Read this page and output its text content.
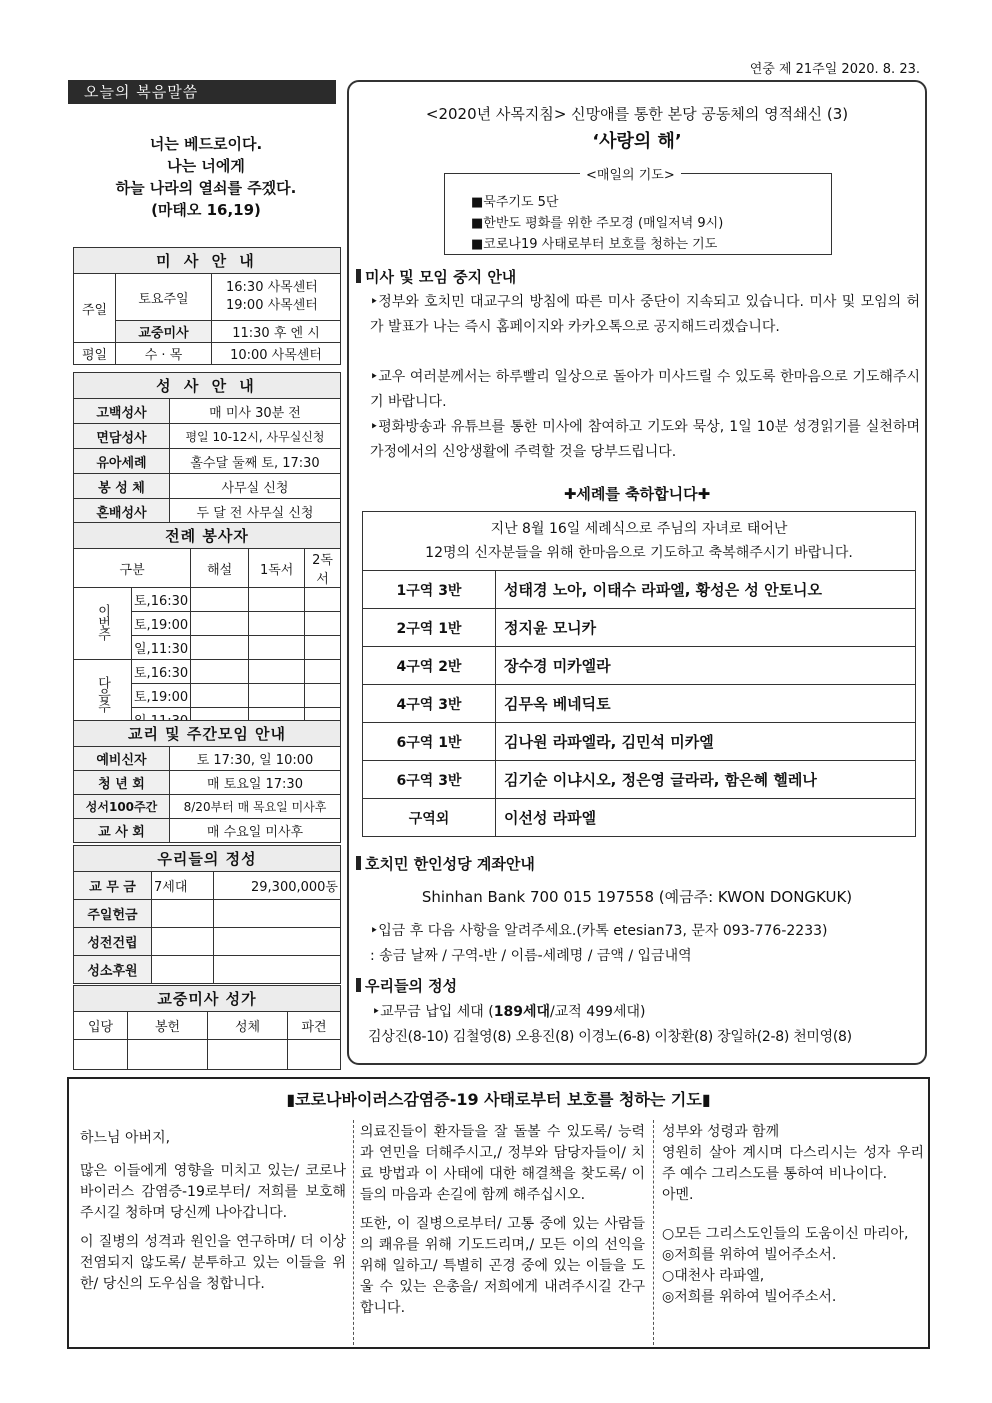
연중 제 21주일 2020. 8. 23.
오늘의 복음말씀
너는 베드로이다.
나는 너에게
하늘 나라의 열쇠를 주겠다.
(마태오 16,19)
미 사 안 내		
주일	토요주일	16:30 사목센터
19:00 사목센터

	교중미사	11:30 후 엔 시
평일	수 · 목	10:00 사목센터
성 사 안 내	
고백성사	매 미사 30분 전
면담성사	평일 10-12시, 사무실신청
유아세례	홀수달 둘째 토, 17:30
봉 성 체	사무실 신청
혼배성사	두 달 전 사무실 신청
전례 봉사자				
구분		해설	1독서	2독서
이번주	토,16:30			
	토,19:00			
	일,11:30			
다음주	토,16:30			
	토,19:00			

교리 및 주간모임 안내	
예비신자	토 17:30, 일 10:00
청 년 회	매 토요일 17:30
성서100주간	8/20부터 매 목요일 미사후
교 사 회	매 수요일 미사후
우리들의 정성		
교 무 금	7세대	29,300,000동
주일헌금		
성전건립		
성소후원		
교중미사 성가			
입당	봉헌	성체	파견

<2020년 사목지침> 신망애를 통한 본당 공동체의 영적쇄신 (3)
‘사랑의 해’
■묵주기도 5단
■한반도 평화를 위한 주모경 (매일저녁 9시)
■코로나19 사태로부터 보호를 청하는 기도
<매일의 기도>
미사 및 모임 중지 안내
‣정부와 호치민 대교구의 방침에 따른 미사 중단이 지속되고 있습니다. 미사 및 모임의 허가 발표가 나는 즉시 홈페이지와 카카오톡으로 공지해드리겠습니다.
‣교우 여러분께서는 하루빨리 일상으로 돌아가 미사드릴 수 있도록 한마음으로 기도해주시기 바랍니다.
‣평화방송과 유튜브를 통한 미사에 참여하고 기도와 묵상, 1일 10분 성경읽기를 실천하며 가정에서의 신앙생활에 주력할 것을 당부드립니다.
✚세례를 축하합니다✚
지난 8월 16일 세례식으로 주님의 자녀로 태어난
12명의 신자분들을 위해 한마음으로 기도하고 축복해주시기 바랍니다.	

1구역 3반	성태경 노아, 이태수 라파엘, 황성은 성 안토니오
2구역 1반	정지윤 모니카
4구역 2반	장수경 미카엘라
4구역 3반	김무옥 베네딕토
6구역 1반	김나원 라파엘라, 김민석 미카엘
6구역 3반	김기순 이냐시오, 정은영 글라라, 함은혜 헬레나
구역외	이선성 라파엘
호치민 한인성당 계좌안내
Shinhan Bank 700 015 197558 (예금주: KWON DONGKUK)
‣입금 후 다음 사항을 알려주세요.(카톡 etesian73, 문자 093-776-2233)
: 송금 날짜 / 구역-반 / 이름-세례명 / 금액 / 입금내역
우리들의 정성
‣교무금 납입 세대 (189세대/교적 499세대)
김상진(8-10) 김철영(8) 오용진(8) 이경노(6-8) 이창환(8) 장일하(2-8) 천미영(8)
▮코로나바이러스감염증-19 사태로부터 보호를 청하는 기도▮

하느님 아버지,

많은 이들에게 영향을 미치고 있는/ 코로나 바이러스 감염증-19로부터/ 저희를 보호해주시길 청하며 당신께 나아갑니다.

이 질병의 성격과 원인을 연구하며/ 더 이상 전염되지 않도록/ 분투하고 있는 이들을 위한/ 당신의 도우심을 청합니다.

의료진들이 환자들을 잘 돌볼 수 있도록/ 능력과 연민을 더해주시고,/ 정부와 담당자들이/ 치료 방법과 이 사태에 대한 해결책을 찾도록/ 이들의 마음과 손길에 함께 해주십시오.

또한, 이 질병으로부터/ 고통 중에 있는 사람들의 쾌유를 위해 기도드리며,/ 모든 이의 선익을 위해 일하고/ 특별히 곤경 중에 있는 이들을 도울 수 있는 은총을/ 저희에게 내려주시길 간구합니다.

성부와 성령과 함께

영원히 살아 계시며 다스리시는 성자 우리 주 예수 그리스도를 통하여 비나이다.

아멘.

○모든 그리스도인들의 도움이신 마리아,

◎저희를 위하여 빌어주소서.

○대천사 라파엘,

◎저희를 위하여 빌어주소서.
